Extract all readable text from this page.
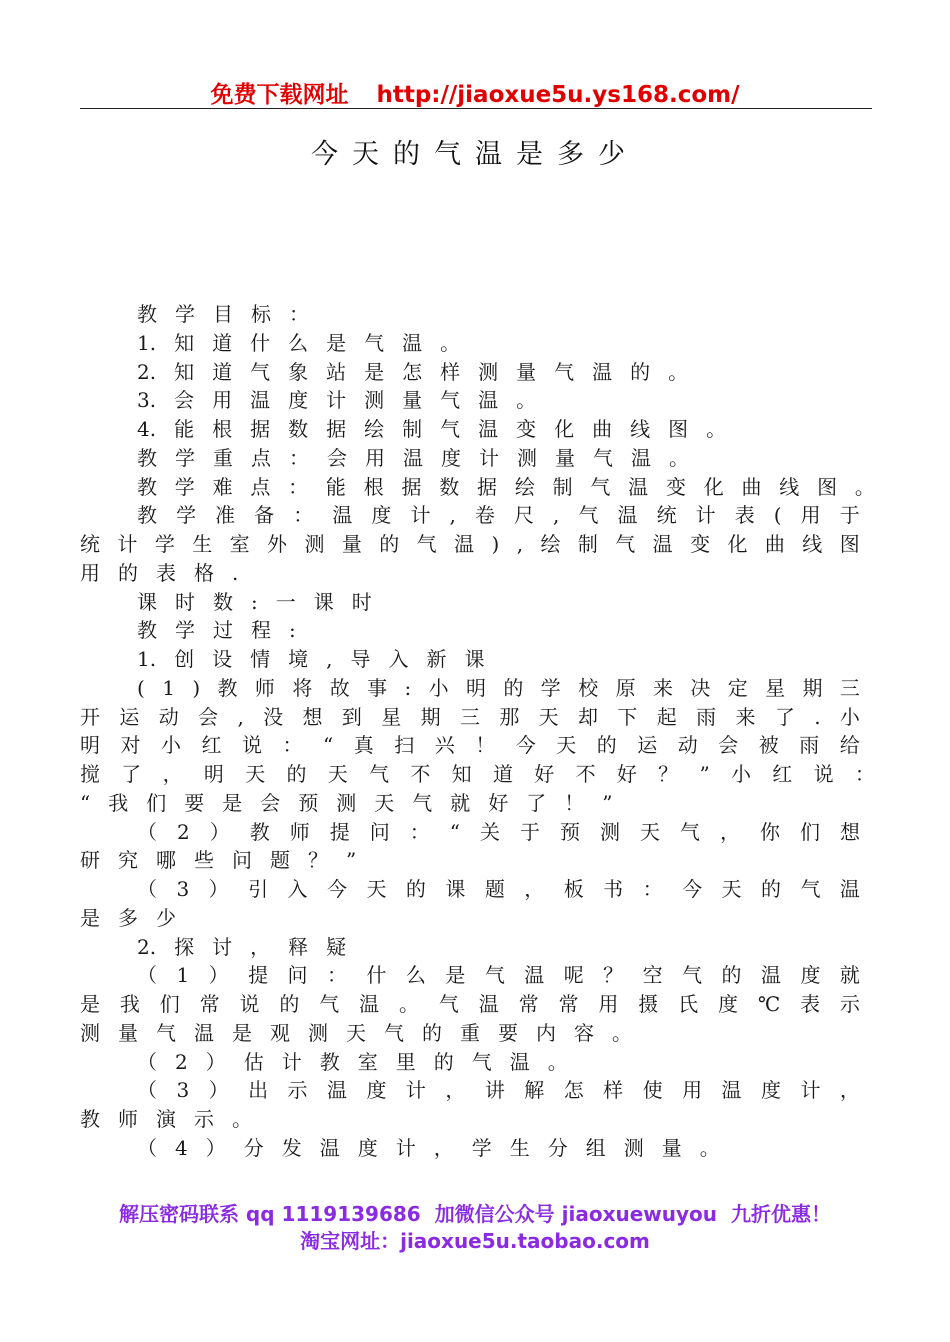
免费下载网址 http://jiaoxue5u.ys168.com/
今天的气温是多少
教 学 目 标 ：
1. 知 道 什 么 是 气 温 。
2. 知 道 气 象 站 是 怎 样 测 量 气 温 的 。
3. 会 用 温 度 计 测 量 气 温 。
4. 能 根 据 数 据 绘 制 气 温 变 化 曲 线 图 。
教 学 重 点 ： 会 用 温 度 计 测 量 气 温 。
教 学 难 点 ： 能 根 据 数 据 绘 制 气 温 变 化 曲 线 图 。
教 学 准 备 ： 温 度 计 , 卷 尺 , 气 温 统 计 表 ( 用 于
统 计 学 生 室 外 测 量 的 气 温 ) , 绘 制 气 温 变 化 曲 线 图
用 的 表 格 .
课 时 数 : 一 课 时
教 学 过 程 :
1. 创 设 情 境 , 导 入 新 课
( 1 ) 教 师 将 故 事 : 小 明 的 学 校 原 来 决 定 星 期 三
开 运 动 会 , 没 想 到 星 期 三 那 天 却 下 起 雨 来 了 . 小
明 对 小 红 说 ： “ 真 扫 兴 ！ 今 天 的 运 动 会 被 雨 给
搅 了 ， 明 天 的 天 气 不 知 道 好 不 好 ？ ” 小 红 说 ：
“ 我 们 要 是 会 预 测 天 气 就 好 了 ！ ”
（ 2 ） 教 师 提 问 ： “ 关 于 预 测 天 气 ， 你 们 想
研 究 哪 些 问 题 ？ ”
（ 3 ） 引 入 今 天 的 课 题 ， 板 书 ： 今 天 的 气 温
是 多 少
2. 探 讨 ， 释 疑
（ 1 ） 提 问 ： 什 么 是 气 温 呢 ？ 空 气 的 温 度 就
是 我 们 常 说 的 气 温 。 气 温 常 常 用 摄 氏 度 ℃ 表 示
测 量 气 温 是 观 测 天 气 的 重 要 内 容 。
（ 2 ） 估 计 教 室 里 的 气 温 。
（ 3 ） 出 示 温 度 计 ， 讲 解 怎 样 使 用 温 度 计 ，
教 师 演 示 。
（ 4 ） 分 发 温 度 计 ， 学 生 分 组 测 量 。
解压密码联系 qq 1119139686 加微信公众号 jiaoxuewuyou 九折优惠！
淘宝网址：jiaoxue5u.taobao.com
